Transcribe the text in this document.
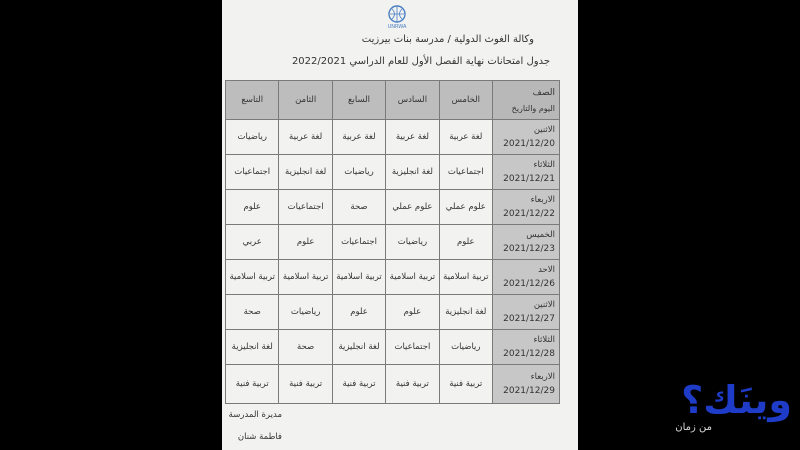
UNRWA
وكالة الغوث الدولية / مدرسة بنات بيرزيت
جدول امتحانات نهاية الفصل الأول للعام الدراسي 2022/2021
الصف
اليوم والتاريخ	الخامس	السادس	السابع	الثامن	التاسع

الاثنين
2021/12/20	لغة عربية	لغة عربية	لغة عربية	لغة عربية	رياضيات

الثلاثاء
2021/12/21	اجتماعيات	لغة انجليزية	رياضيات	لغة انجليزية	اجتماعيات

الاربعاء
2021/12/22	علوم عملي	علوم عملي	صحة	اجتماعيات	علوم

الخميس
2021/12/23	علوم	رياضيات	اجتماعيات	علوم	عربي

الاحد
2021/12/26	تربية اسلامية	تربية اسلامية	تربية اسلامية	تربية اسلامية	تربية اسلامية

الاثنين
2021/12/27	لغة انجليزية	علوم	علوم	رياضيات	صحة

الثلاثاء
2021/12/28	رياضيات	اجتماعيات	لغة انجليزية	صحة	لغة انجليزية

الاربعاء
2021/12/29	تربية فنية	تربية فنية	تربية فنية	تربية فنية	تربية فنية
مديرة المدرسة
فاطمة شنان
وينَك؟
من زمان
